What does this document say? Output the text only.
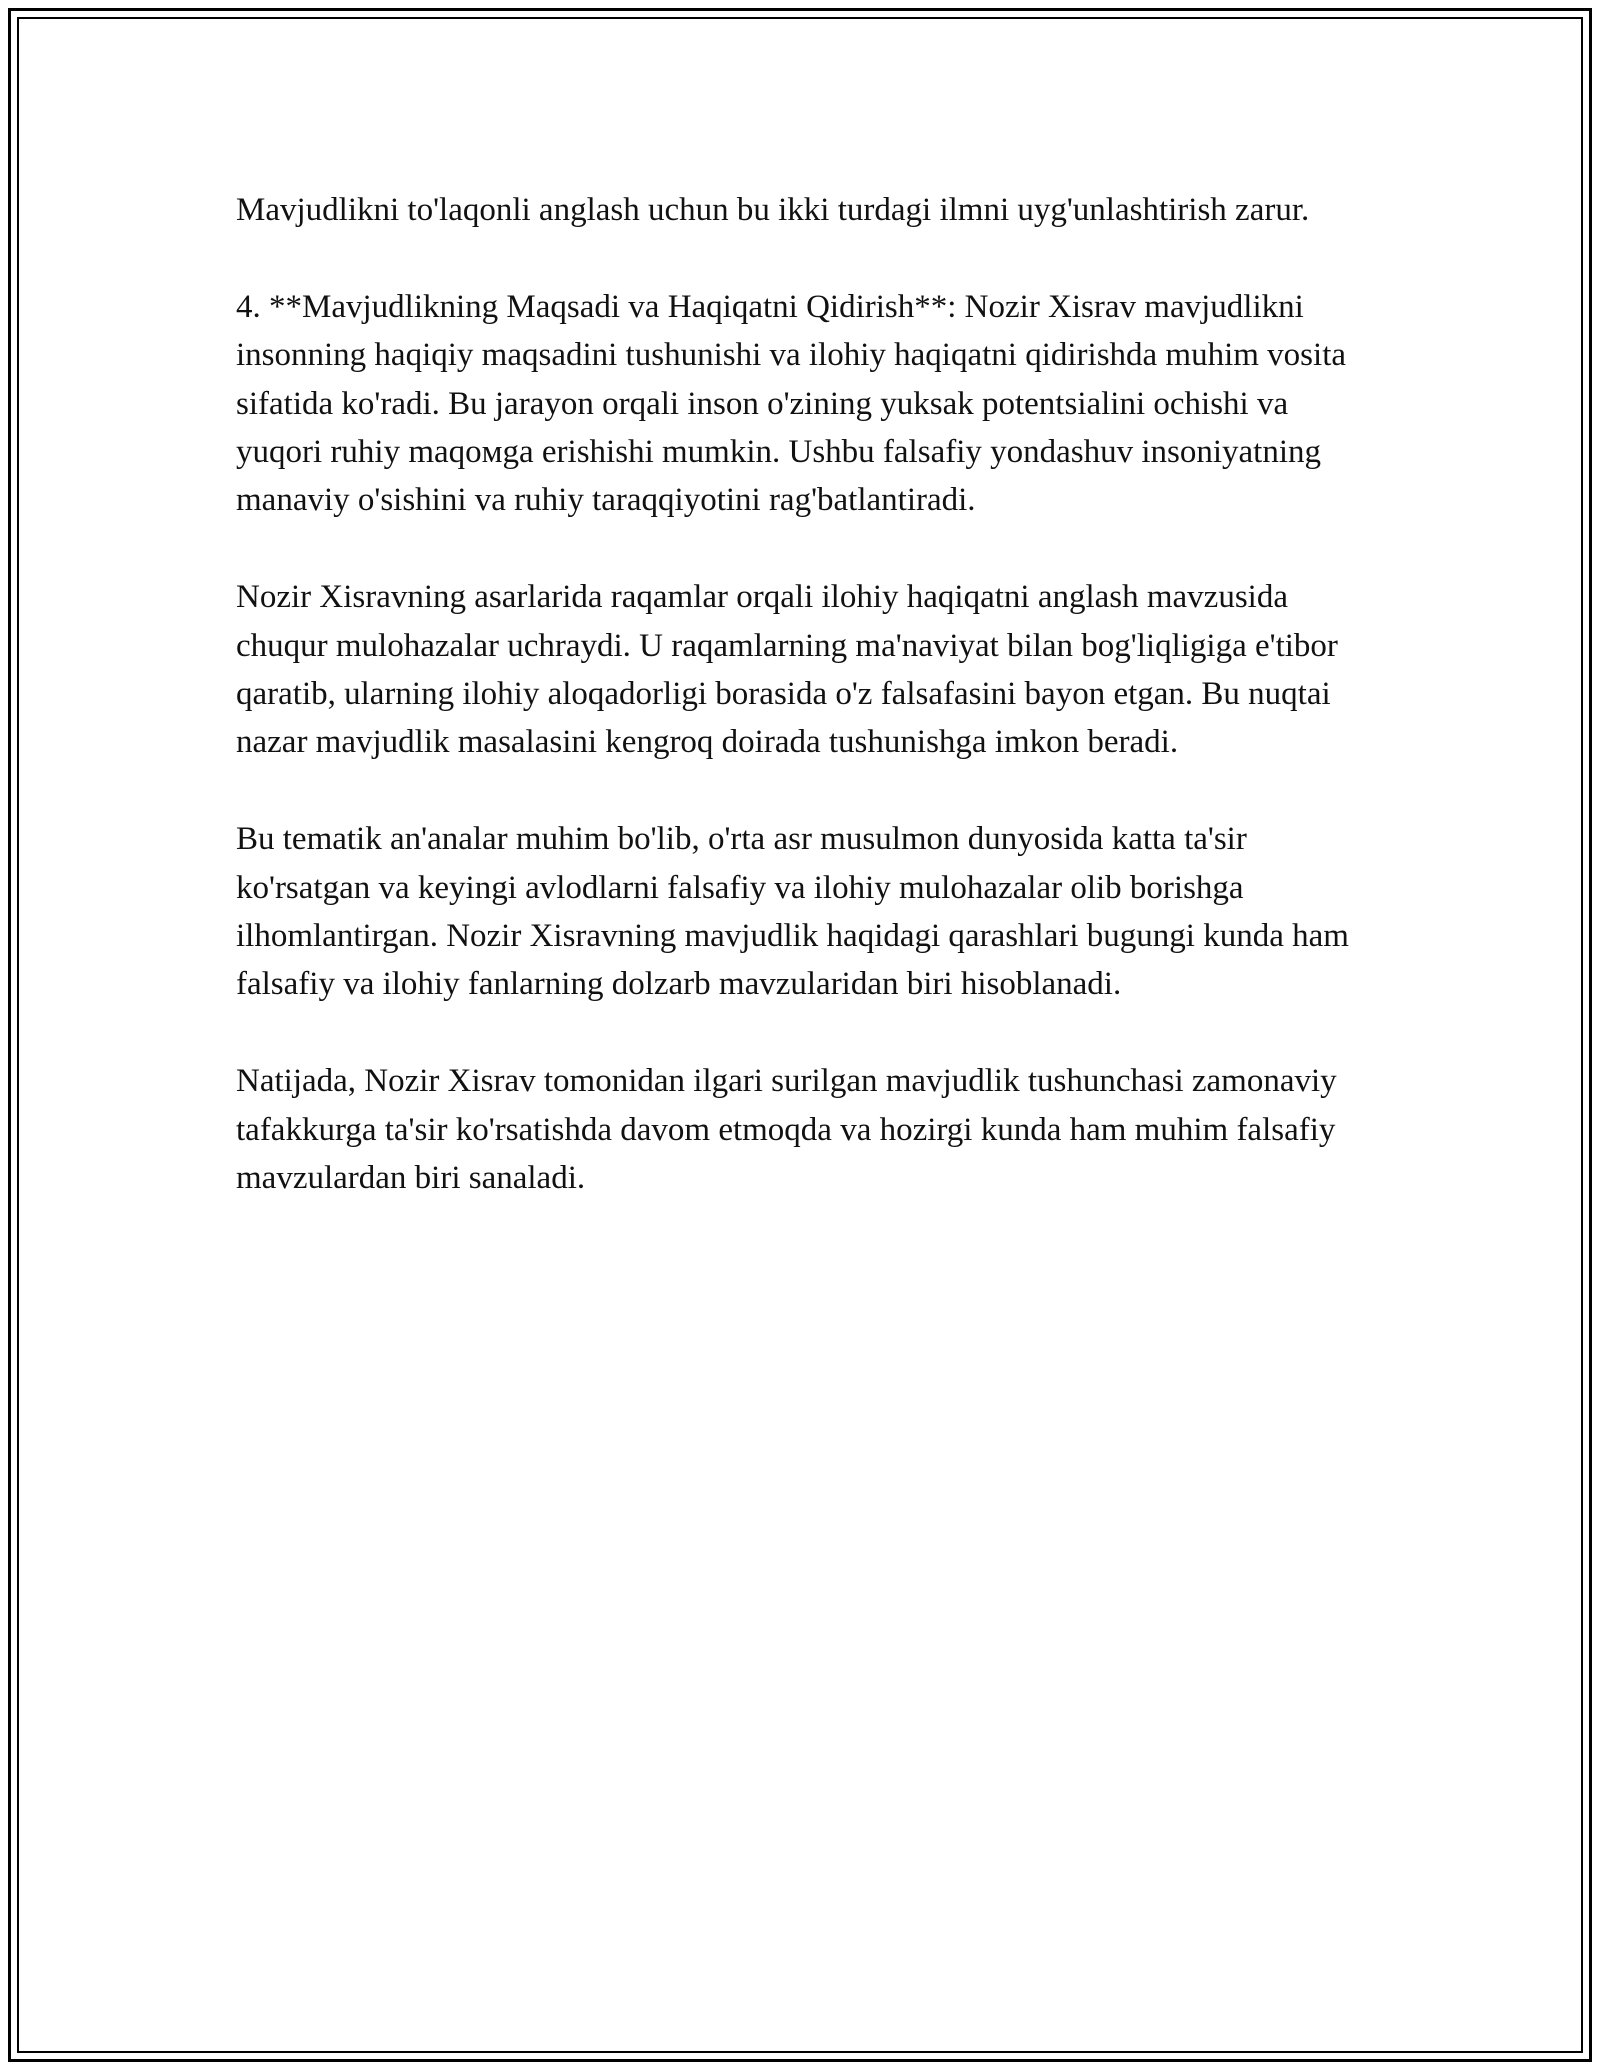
Mavjudlikni to'laqonli anglash uchun bu ikki turdagi ilmni uyg'unlashtirish zarur.

4. **Mavjudlikning Maqsadi va Haqiqatni Qidirish**: Nozir Xisrav mavjudlikni insonning haqiqiy maqsadini tushunishi va ilohiy haqiqatni qidirishda muhim vosita sifatida ko'radi. Bu jarayon orqali inson o'zining yuksak potentsialini ochishi va yuqori ruhiy maqoмga erishishi mumkin. Ushbu falsafiy yondashuv insoniyatning manaviy o'sishini va ruhiy taraqqiyotini rag'batlantiradi.

Nozir Xisravning asarlarida raqamlar orqali ilohiy haqiqatni anglash mavzusida chuqur mulohazalar uchraydi. U raqamlarning ma'naviyat bilan bog'liqligiga e'tibor qaratib, ularning ilohiy aloqadorligi borasida o'z falsafasini bayon etgan. Bu nuqtai nazar mavjudlik masalasini kengroq doirada tushunishga imkon beradi.

Bu tematik an'analar muhim bo'lib, o'rta asr musulmon dunyosida katta ta'sir ko'rsatgan va keyingi avlodlarni falsafiy va ilohiy mulohazalar olib borishga ilhomlantirgan. Nozir Xisravning mavjudlik haqidagi qarashlari bugungi kunda ham falsafiy va ilohiy fanlarning dolzarb mavzularidan biri hisoblanadi.

Natijada, Nozir Xisrav tomonidan ilgari surilgan mavjudlik tushunchasi zamonaviy tafakkurga ta'sir ko'rsatishda davom etmoqda va hozirgi kunda ham muhim falsafiy mavzulardan biri sanaladi.
